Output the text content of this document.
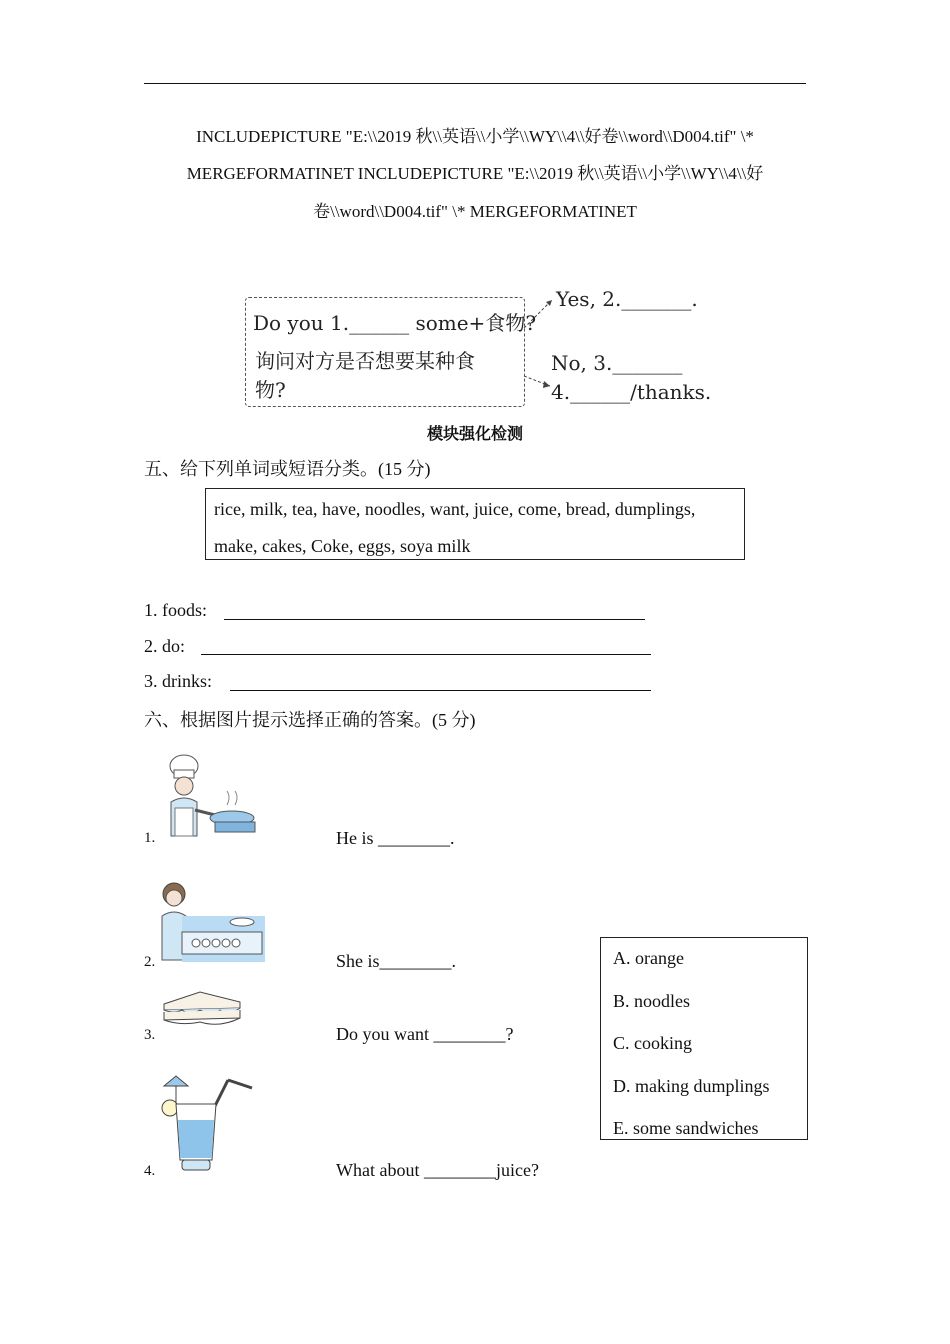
INCLUDEPICTURE "E:\\2019 秋\\英语\\小学\\WY\\4\\好卷\\word\\D004.tif" \*
MERGEFORMATINET INCLUDEPICTURE "E:\\2019 秋\\英语\\小学\\WY\\4\\好
卷\\word\\D004.tif" \* MERGEFORMATINET
Do you 1.______ some+食物?
询问对方是否想要某种食
物?
Yes, 2._______.
No, 3._______
4.______/thanks.
模块强化检测
五、给下列单词或短语分类。(15 分)
rice, milk, tea, have, noodles, want, juice, come, bread, dumplings,
make, cakes, Coke, eggs, soya milk
1. foods:
2. do:
3. drinks:
六、根据图片提示选择正确的答案。(5 分)
1.	He is ________.
2.	She is________.
3.	Do you want ________?
4.	What about ________juice?
A. orange
B. noodles
C. cooking
D. making dumplings
E. some sandwiches
